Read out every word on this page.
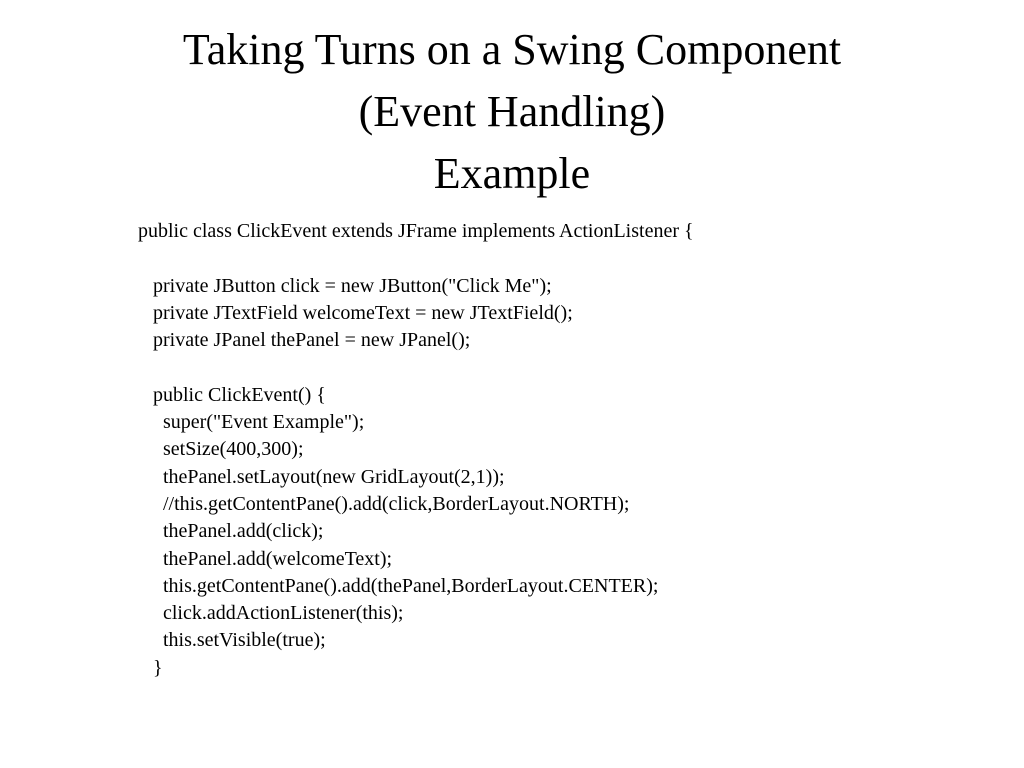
Taking Turns on a Swing Component
(Event Handling)
Example
public class ClickEvent extends JFrame implements ActionListener {
private JButton click = new JButton("Click Me");
private JTextField welcomeText = new JTextField();
private JPanel thePanel = new JPanel();
public ClickEvent() {
super("Event Example");
setSize(400,300);
thePanel.setLayout(new GridLayout(2,1));
//this.getContentPane().add(click,BorderLayout.NORTH);
thePanel.add(click);
thePanel.add(welcomeText);
this.getContentPane().add(thePanel,BorderLayout.CENTER);
click.addActionListener(this);
this.setVisible(true);
}
